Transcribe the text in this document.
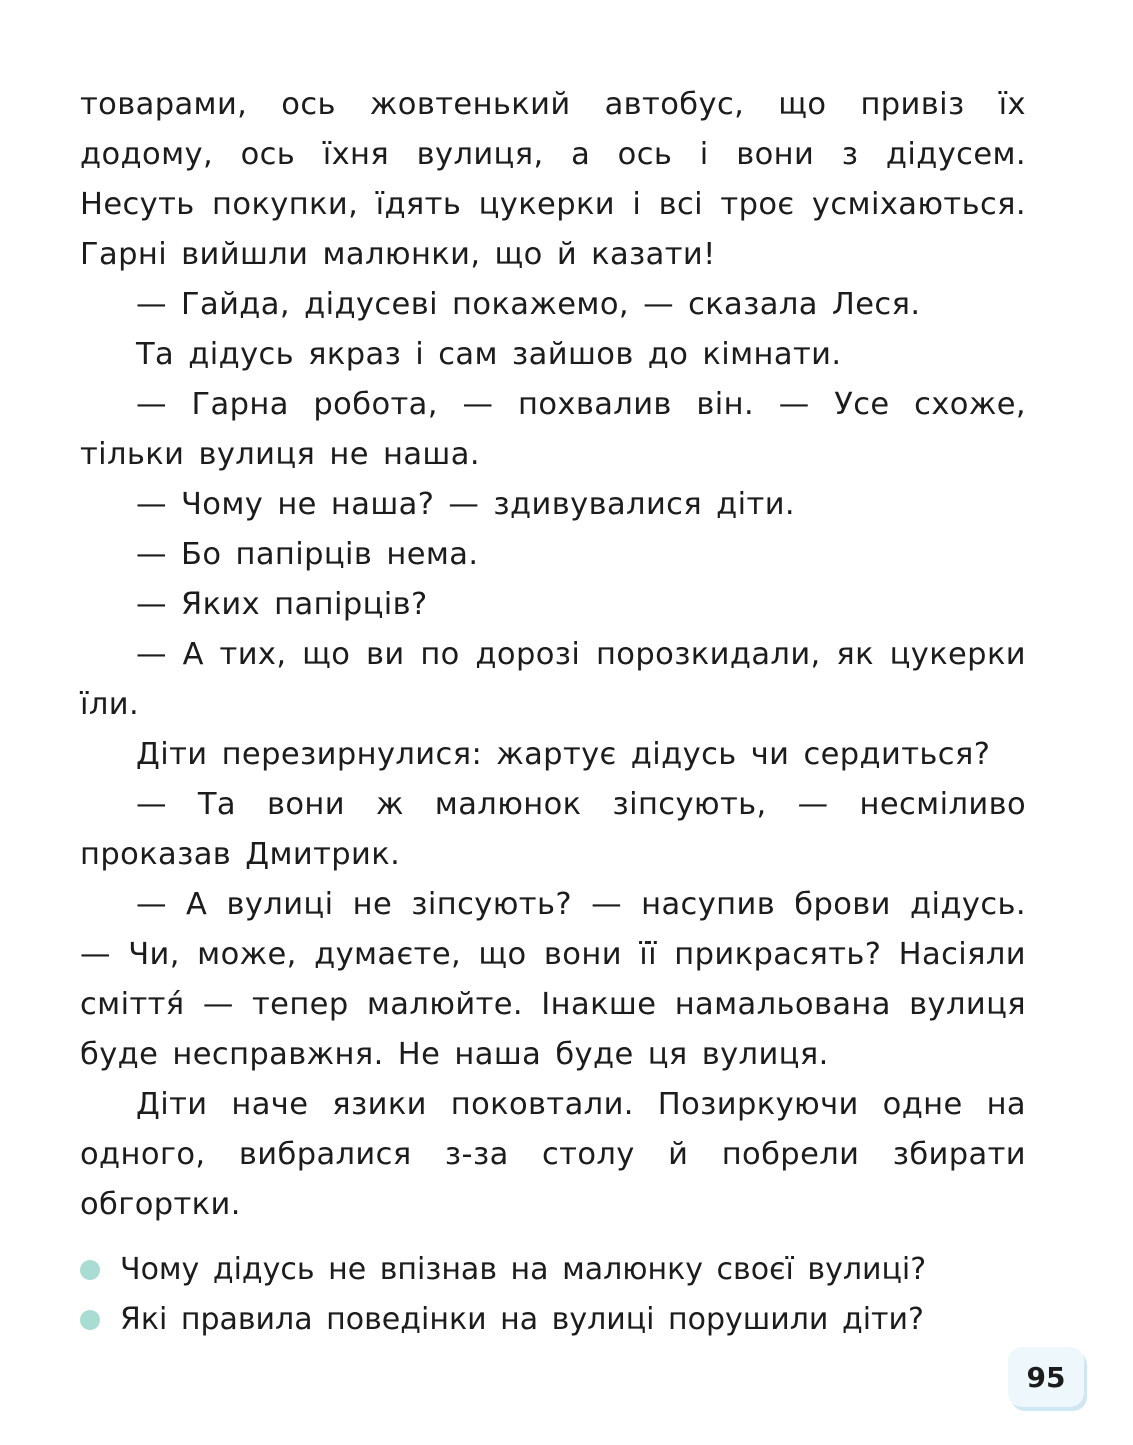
товарами, ось жовтенький автобус, що привіз їх додому, ось їхня вулиця, а ось і вони з дідусем. Несуть покупки, їдять цукерки і всі троє усміхаються. Гарні вийшли малюнки, що й казати!

— Гайда, дідусеві покажемо, — сказала Леся.

Та дідусь якраз і сам зайшов до кімнати.

— Гарна робота, — похвалив він. — Усе схоже, тільки вулиця не наша.

— Чому не наша? — здивувалися діти.

— Бо папірців нема.

— Яких папірців?

— А тих, що ви по дорозі порозкидали, як цукерки їли.

Діти перезирнулися: жартує дідусь чи сердиться?

— Та вони ж малюнок зіпсують, — несміливо проказав Дмитрик.

— А вулиці не зіпсують? — насупив брови дідусь. — Чи, може, думаєте, що вони її прикрасять? Насіяли сміття́ — тепер малюйте. Інакше намальована вулиця буде несправжня. Не наша буде ця вулиця.

Діти наче язики поковтали. Позиркуючи одне на одного, вибралися з-за столу й побрели збирати обгортки.

Чому дідусь не впізнав на малюнку своєї вулиці?
Які правила поведінки на вулиці порушили діти?
95
